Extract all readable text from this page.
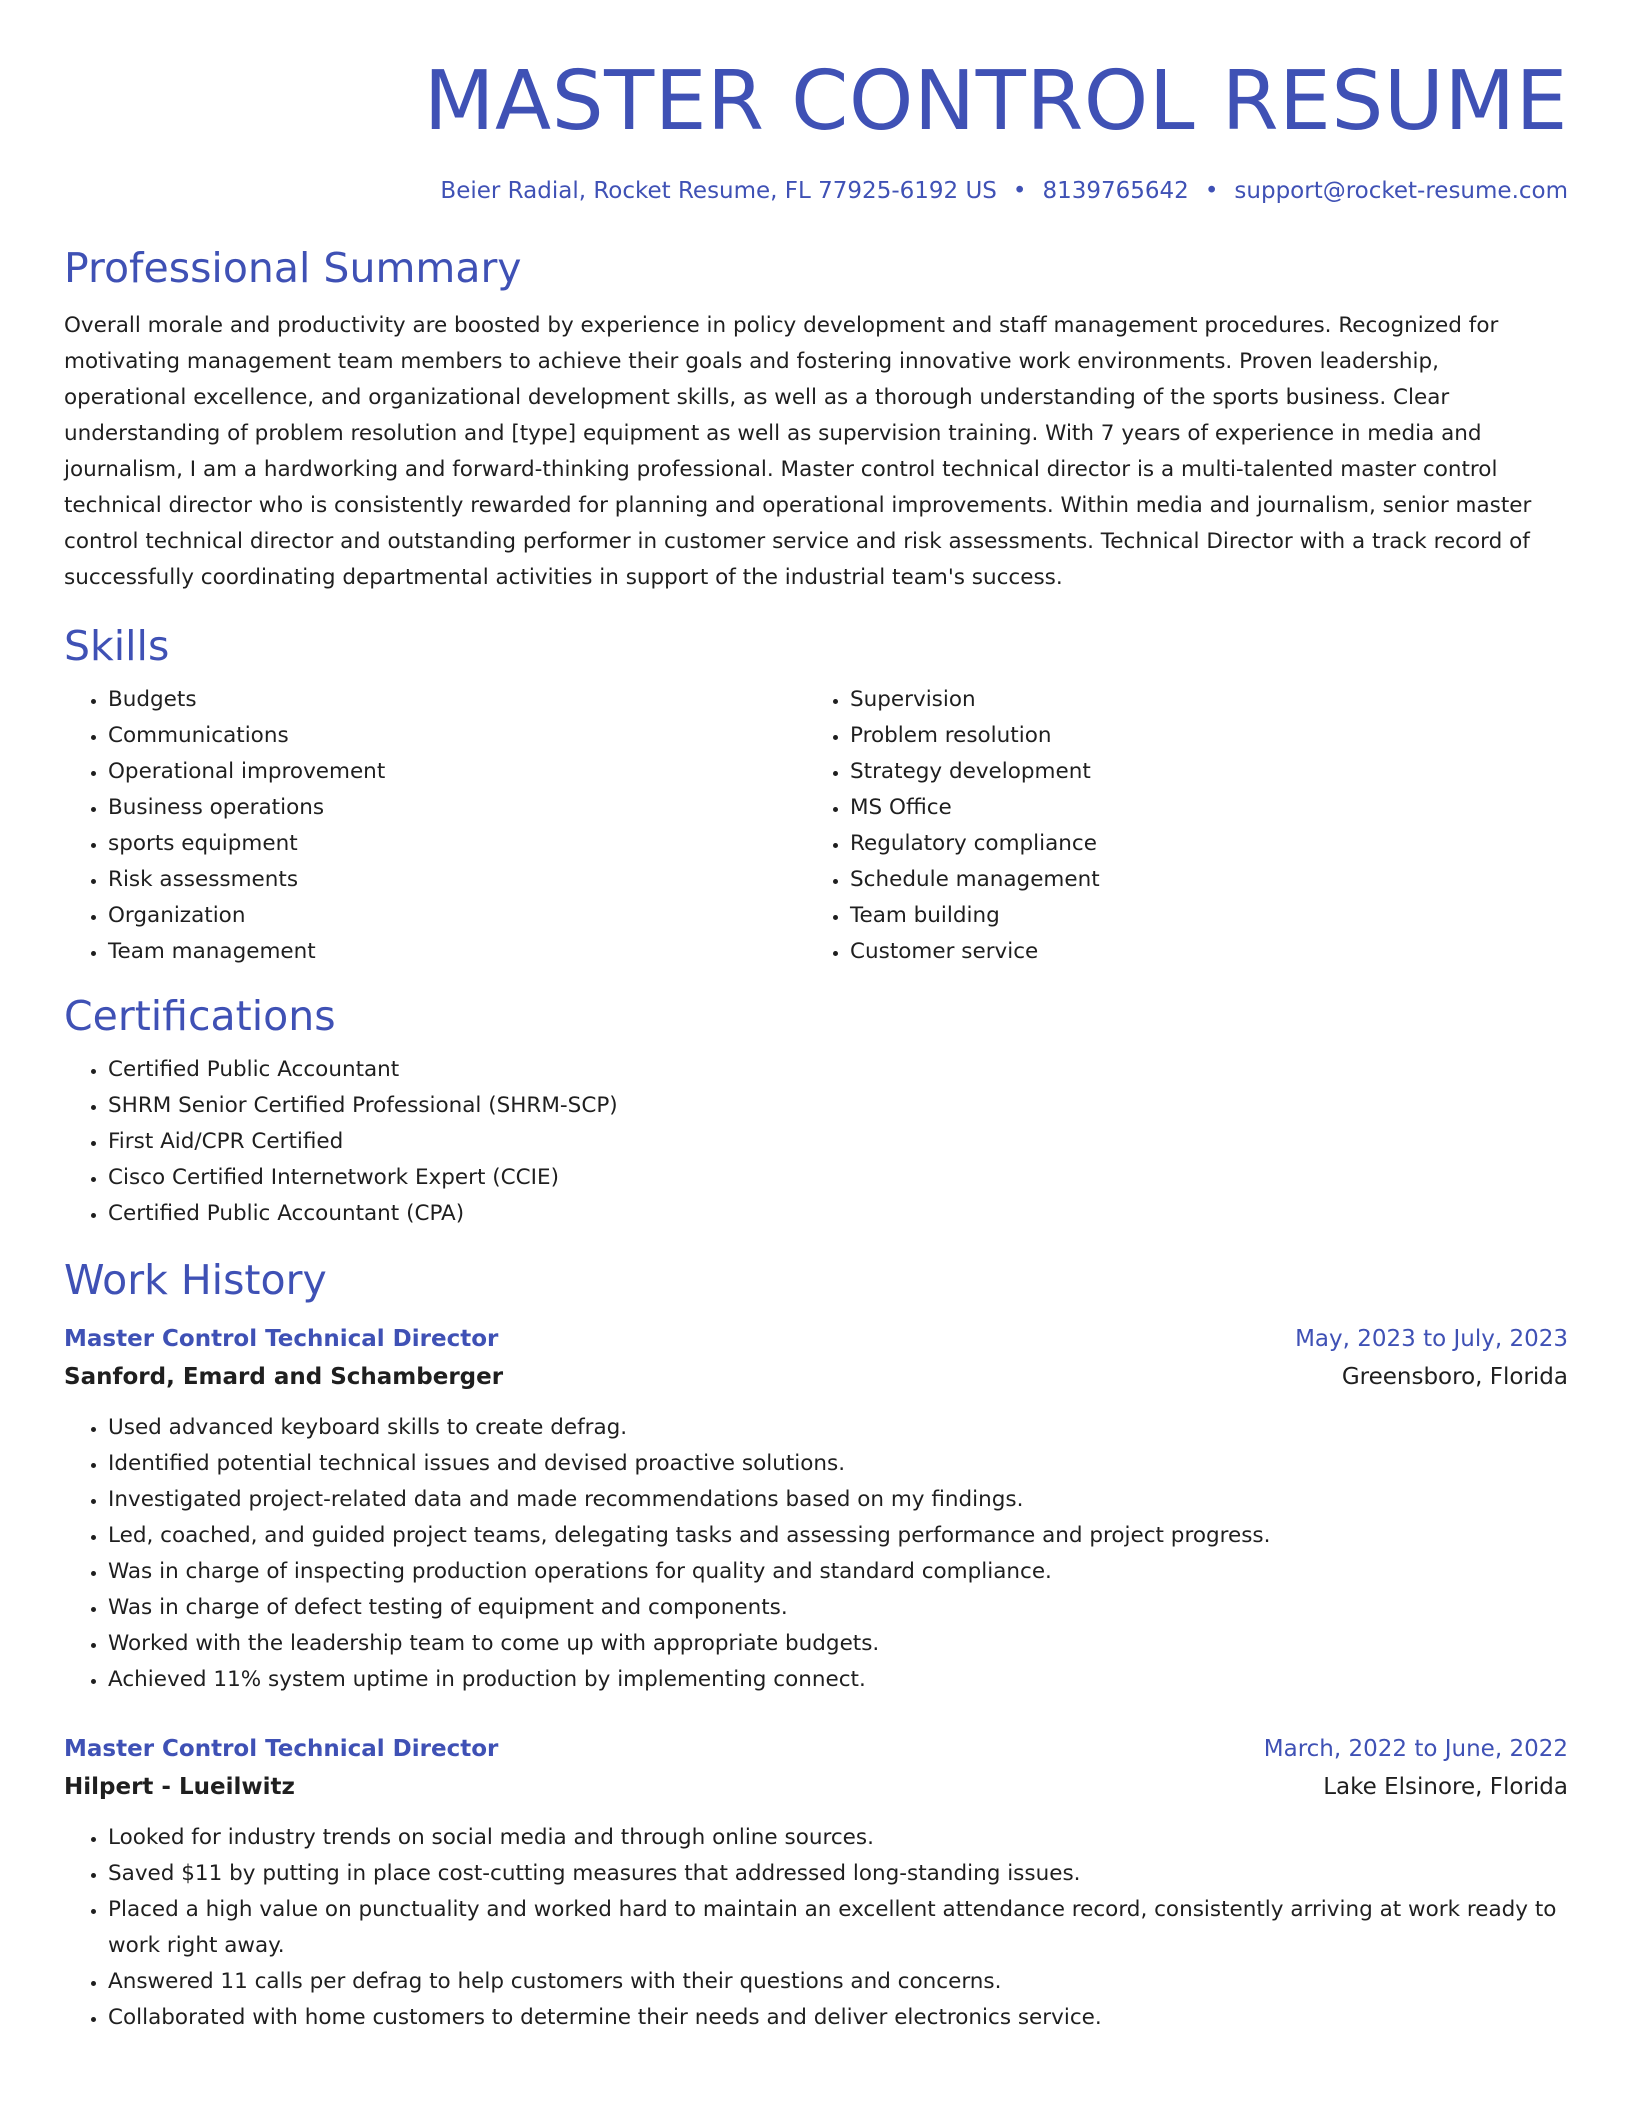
MASTER CONTROL RESUME
Beier Radial, Rocket Resume, FL 77925-6192 US • 8139765642 • support@rocket-resume.com
Professional Summary

Overall morale and productivity are boosted by experience in policy development and staff management procedures. Recognized for motivating management team members to achieve their goals and fostering innovative work environments. Proven leadership, operational excellence, and organizational development skills, as well as a thorough understanding of the sports business. Clear understanding of problem resolution and [type] equipment as well as supervision training. With 7 years of experience in media and journalism, I am a hardworking and forward-thinking professional. Master control technical director is a multi-talented master control technical director who is consistently rewarded for planning and operational improvements. Within media and journalism, senior master control technical director and outstanding performer in customer service and risk assessments. Technical Director with a track record of successfully coordinating departmental activities in support of the industrial team's success.

Skills
• Budgets
• Communications
• Operational improvement
• Business operations
• sports equipment
• Risk assessments
• Organization
• Team management
• Supervision
• Problem resolution
• Strategy development
• MS Office
• Regulatory compliance
• Schedule management
• Team building
• Customer service
Certifications
• Certified Public Accountant
• SHRM Senior Certified Professional (SHRM-SCP)
• First Aid/CPR Certified
• Cisco Certified Internetwork Expert (CCIE)
• Certified Public Accountant (CPA)
Work History
Master Control Technical Director	May, 2023 to July, 2023
Sanford, Emard and Schamberger	Greensboro, Florida
• Used advanced keyboard skills to create defrag.
• Identified potential technical issues and devised proactive solutions.
• Investigated project-related data and made recommendations based on my findings.
• Led, coached, and guided project teams, delegating tasks and assessing performance and project progress.
• Was in charge of inspecting production operations for quality and standard compliance.
• Was in charge of defect testing of equipment and components.
• Worked with the leadership team to come up with appropriate budgets.
• Achieved 11% system uptime in production by implementing connect.
Master Control Technical Director	March, 2022 to June, 2022
Hilpert - Lueilwitz	Lake Elsinore, Florida
• Looked for industry trends on social media and through online sources.
• Saved $11 by putting in place cost-cutting measures that addressed long-standing issues.
• Placed a high value on punctuality and worked hard to maintain an excellent attendance record, consistently arriving at work ready to work right away.
• Answered 11 calls per defrag to help customers with their questions and concerns.
• Collaborated with home customers to determine their needs and deliver electronics service.
